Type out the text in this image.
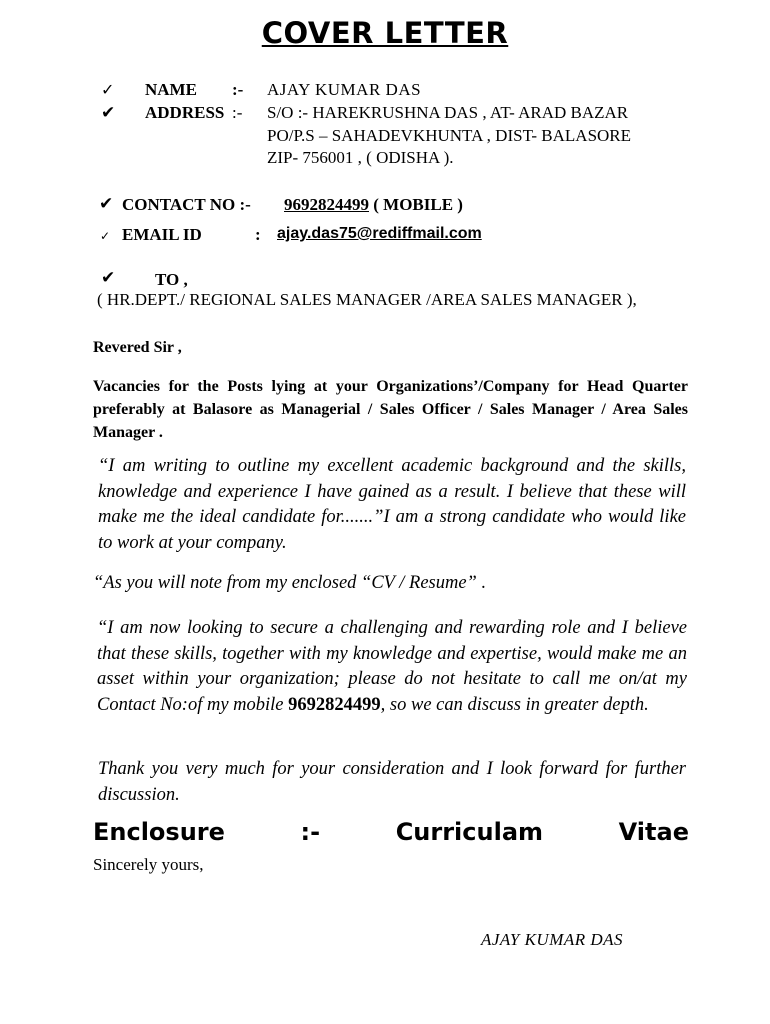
COVER LETTER
✓ NAME :- AJAY KUMAR DAS
✔ ADDRESS :- S/O :- HAREKRUSHNA DAS , AT- ARAD BAZAR
PO/P.S – SAHADEVKHUNTA , DIST- BALASORE
ZIP- 756001 , ( ODISHA ).
✔ CONTACT NO :- 9692824499 ( MOBILE )
✓ EMAIL ID	: ajay.das75@rediffmail.com
✔ TO ,
( HR.DEPT./ REGIONAL SALES MANAGER /AREA SALES MANAGER ),
Revered Sir ,
Vacancies for the Posts lying at your Organizations’/Company for Head Quarter preferably at Balasore as Managerial / Sales Officer / Sales Manager / Area Sales Manager .
“I am writing to outline my excellent academic background and the skills, knowledge and experience I have gained as a result. I believe that these will make me the ideal candidate for.......”I am a strong candidate who would like to work at your company.
“As you will note from my enclosed “CV / Resume” .
“I am now looking to secure a challenging and rewarding role and I believe that these skills, together with my knowledge and expertise, would make me an asset within your organization; please do not hesitate to call me on/at my Contact No:of my mobile 9692824499, so we can discuss in greater depth.
Thank you very much for your consideration and I look forward for further discussion.
Enclosure	:-	Curriculam	Vitae
Sincerely yours,
AJAY KUMAR DAS
